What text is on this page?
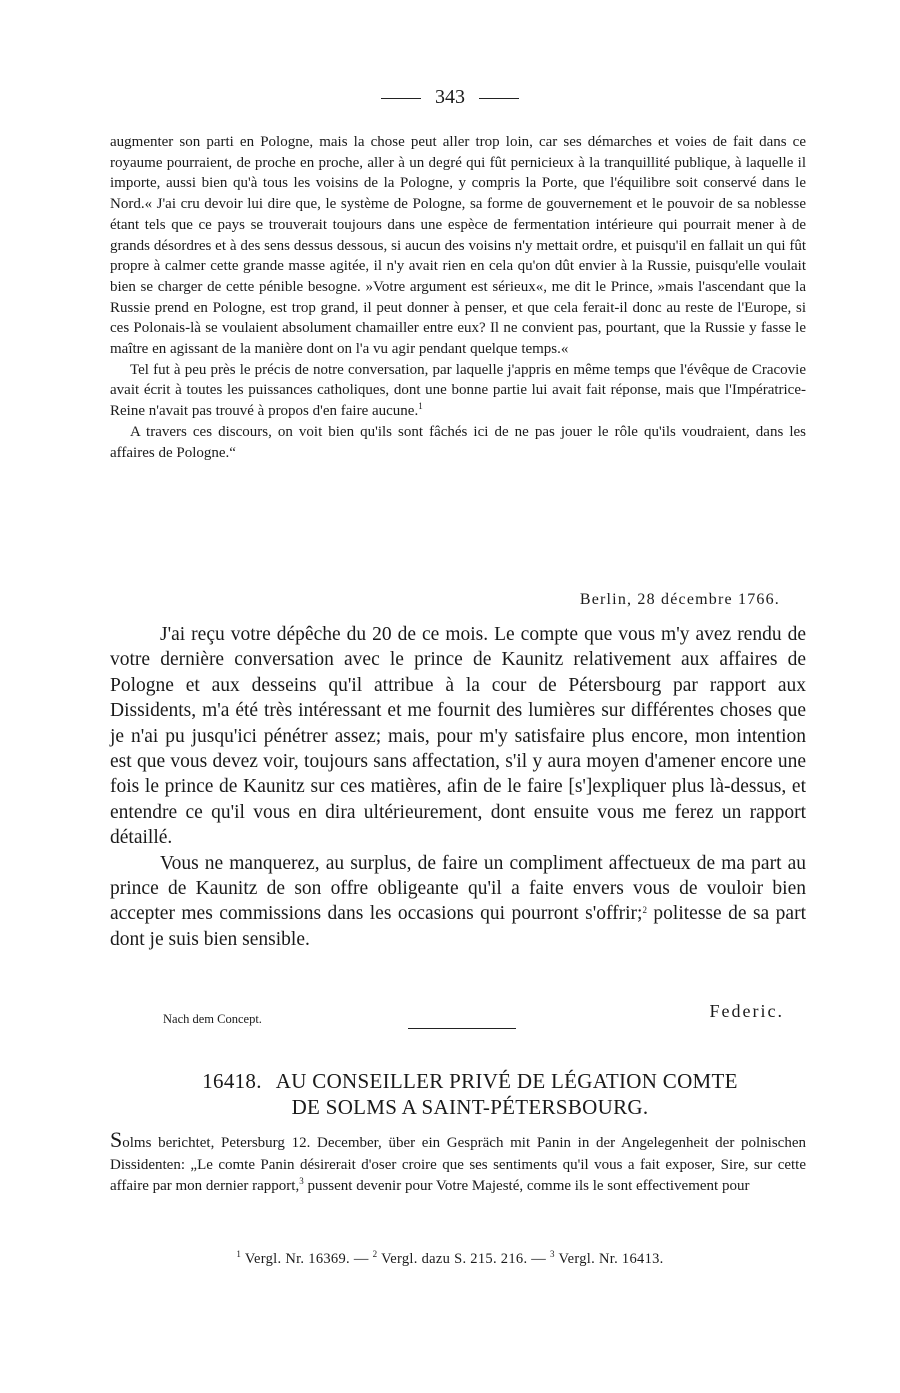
343

augmenter son parti en Pologne, mais la chose peut aller trop loin, car ses démarches et voies de fait dans ce royaume pourraient, de proche en proche, aller à un degré qui fût pernicieux à la tranquillité publique, à laquelle il importe, aussi bien qu'à tous les voisins de la Pologne, y compris la Porte, que l'équilibre soit conservé dans le Nord.« J'ai cru devoir lui dire que, le système de Pologne, sa forme de gouvernement et le pouvoir de sa noblesse étant tels que ce pays se trouverait toujours dans une espèce de fermentation intérieure qui pourrait mener à de grands désordres et à des sens dessus dessous, si aucun des voisins n'y mettait ordre, et puisqu'il en fallait un qui fût propre à calmer cette grande masse agitée, il n'y avait rien en cela qu'on dût envier à la Russie, puisqu'elle voulait bien se charger de cette pénible besogne. »Votre argument est sérieux«, me dit le Prince, »mais l'ascendant que la Russie prend en Pologne, est trop grand, il peut donner à penser, et que cela ferait-il donc au reste de l'Europe, si ces Polonais-là se voulaient absolument chamailler entre eux? Il ne convient pas, pourtant, que la Russie y fasse le maître en agissant de la manière dont on l'a vu agir pendant quelque temps.«

Tel fut à peu près le précis de notre conversation, par laquelle j'appris en même temps que l'évêque de Cracovie avait écrit à toutes les puissances catholiques, dont une bonne partie lui avait fait réponse, mais que l'Impératrice-Reine n'avait pas trouvé à propos d'en faire aucune.$^1$

A travers ces discours, on voit bien qu'ils sont fâchés ici de ne pas jouer le rôle qu'ils voudraient, dans les affaires de Pologne.“

Berlin, 28 décembre 1766.

J'ai reçu votre dépêche du 20 de ce mois. Le compte que vous m'y avez rendu de votre dernière conversation avec le prince de Kaunitz relativement aux affaires de Pologne et aux desseins qu'il attribue à la cour de Pétersbourg par rapport aux Dissidents, m'a été très intéressant et me fournit des lumières sur différentes choses que je n'ai pu jusqu'ici pénétrer assez; mais, pour m'y satisfaire plus encore, mon intention est que vous devez voir, toujours sans affectation, s'il y aura moyen d'amener encore une fois le prince de Kaunitz sur ces matières, afin de le faire [s']expliquer plus là-dessus, et entendre ce qu'il vous en dira ultérieurement, dont ensuite vous me ferez un rapport détaillé.

Vous ne manquerez, au surplus, de faire un compliment affectueux de ma part au prince de Kaunitz de son offre obligeante qu'il a faite envers vous de vouloir bien accepter mes commissions dans les occasions qui pourront s'offrir;$^2$ politesse de sa part dont je suis bien sensible.

Nach dem Concept.	Federic.
16418. AU CONSEILLER PRIVÉ DE LÉGATION COMTE
DE SOLMS A SAINT-PÉTERSBOURG.

Solms berichtet, Petersburg 12. December, über ein Gespräch mit Panin in der Angelegenheit der polnischen Dissidenten: „Le comte Panin désirerait d'oser croire que ses sentiments qu'il vous a fait exposer, Sire, sur cette affaire par mon dernier rapport,$^3$ pussent devenir pour Votre Majesté, comme ils le sont effectivement pour

$^1$ Vergl. Nr. 16369. — $^2$ Vergl. dazu S. 215. 216. — $^3$ Vergl. Nr. 16413.
